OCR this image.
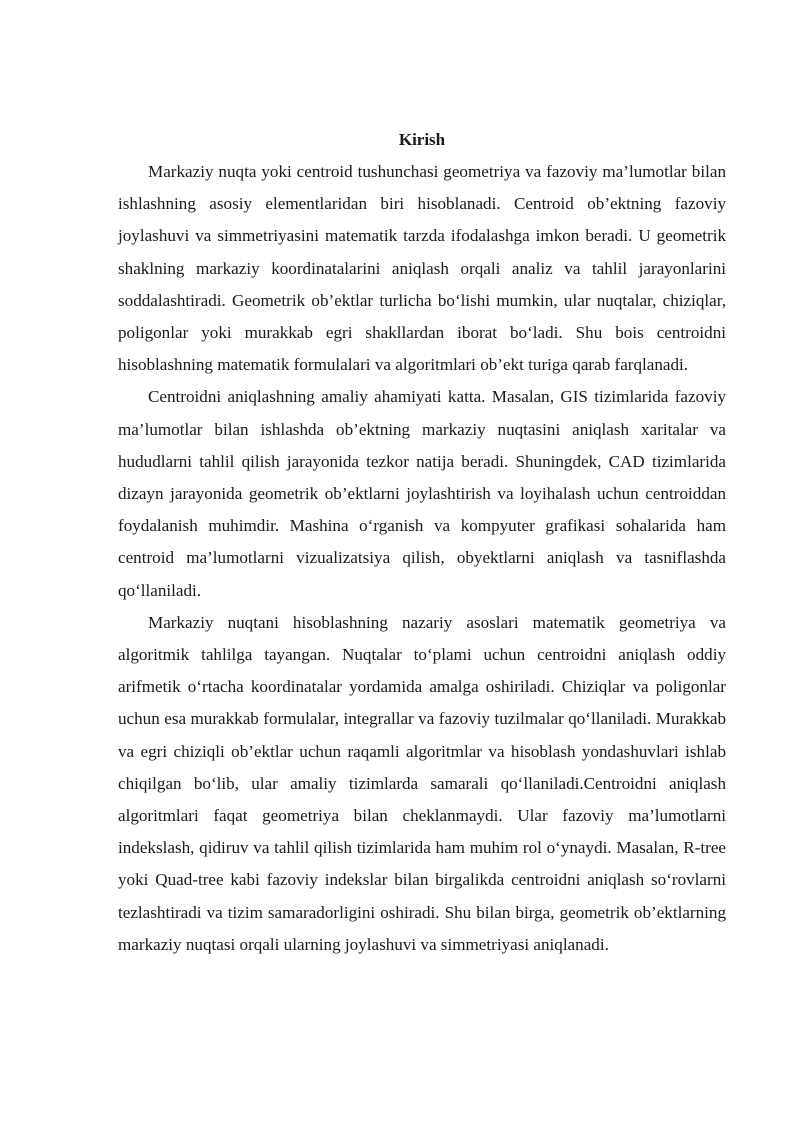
Kirish

Markaziy nuqta yoki centroid tushunchasi geometriya va fazoviy ma’lumotlar bilan ishlashning asosiy elementlaridan biri hisoblanadi. Centroid ob’ektning fazoviy joylashuvi va simmetriyasini matematik tarzda ifodalashga imkon beradi. U geometrik shaklning markaziy koordinatalarini aniqlash orqali analiz va tahlil jarayonlarini soddalashtiradi. Geometrik ob’ektlar turlicha bo‘lishi mumkin, ular nuqtalar, chiziqlar, poligonlar yoki murakkab egri shakllardan iborat bo‘ladi. Shu bois centroidni hisoblashning matematik formulalari va algoritmlari ob’ekt turiga qarab farqlanadi.

Centroidni aniqlashning amaliy ahamiyati katta. Masalan, GIS tizimlarida fazoviy ma’lumotlar bilan ishlashda ob’ektning markaziy nuqtasini aniqlash xaritalar va hududlarni tahlil qilish jarayonida tezkor natija beradi. Shuningdek, CAD tizimlarida dizayn jarayonida geometrik ob’ektlarni joylashtirish va loyihalash uchun centroiddan foydalanish muhimdir. Mashina o‘rganish va kompyuter grafikasi sohalarida ham centroid ma’lumotlarni vizualizatsiya qilish, obyektlarni aniqlash va tasniflashda qo‘llaniladi.

Markaziy nuqtani hisoblashning nazariy asoslari matematik geometriya va algoritmik tahlilga tayangan. Nuqtalar to‘plami uchun centroidni aniqlash oddiy arifmetik o‘rtacha koordinatalar yordamida amalga oshiriladi. Chiziqlar va poligonlar uchun esa murakkab formulalar, integrallar va fazoviy tuzilmalar qo‘llaniladi. Murakkab va egri chiziqli ob’ektlar uchun raqamli algoritmlar va hisoblash yondashuvlari ishlab chiqilgan bo‘lib, ular amaliy tizimlarda samarali qo‘llaniladi.Centroidni aniqlash algoritmlari faqat geometriya bilan cheklanmaydi. Ular fazoviy ma’lumotlarni indekslash, qidiruv va tahlil qilish tizimlarida ham muhim rol o‘ynaydi. Masalan, R-tree yoki Quad-tree kabi fazoviy indekslar bilan birgalikda centroidni aniqlash so‘rovlarni tezlashtiradi va tizim samaradorligini oshiradi. Shu bilan birga, geometrik ob’ektlarning markaziy nuqtasi orqali ularning joylashuvi va simmetriyasi aniqlanadi.
